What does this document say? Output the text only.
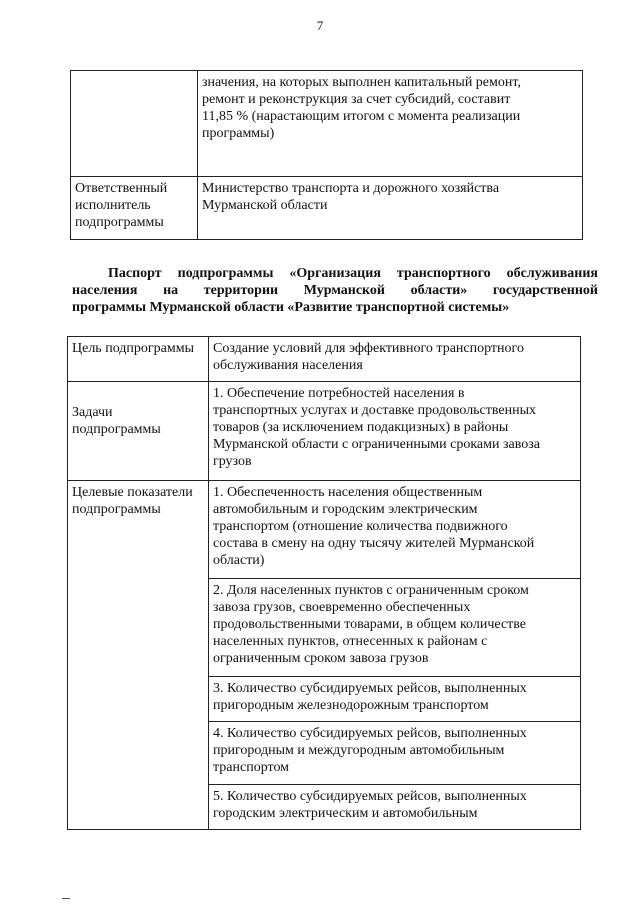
7
	значения, на которых выполнен капитальный ремонт,
ремонт и реконструкция за счет субсидий, составит
11,85 % (нарастающим итогом с момента реализации
программы)
Ответственный
исполнитель
подпрограммы	Министерство транспорта и дорожного хозяйства
Мурманской области
Паспорт подпрограммы «Организация транспортного обслуживания
населения на территории Мурманской области» государственной
программы Мурманской области «Развитие транспортной системы»
Цель подпрограммы	Создание условий для эффективного транспортного
обслуживания населения
Задачи
подпрограммы	1. Обеспечение потребностей населения в
транспортных услугах и доставке продовольственных
товаров (за исключением подакцизных) в районы
Мурманской области с ограниченными сроками завоза
грузов
Целевые показатели
подпрограммы	1. Обеспеченность населения общественным
автомобильным и городским электрическим
транспортом (отношение количества подвижного
состава в смену на одну тысячу жителей Мурманской
области)
	2. Доля населенных пунктов с ограниченным сроком
завоза грузов, своевременно обеспеченных
продовольственными товарами, в общем количестве
населенных пунктов, отнесенных к районам с
ограниченным сроком завоза грузов
	3. Количество субсидируемых рейсов, выполненных
пригородным железнодорожным транспортом
	4. Количество субсидируемых рейсов, выполненных
пригородным и междугородным автомобильным
транспортом
	5. Количество субсидируемых рейсов, выполненных
городским электрическим и автомобильным
